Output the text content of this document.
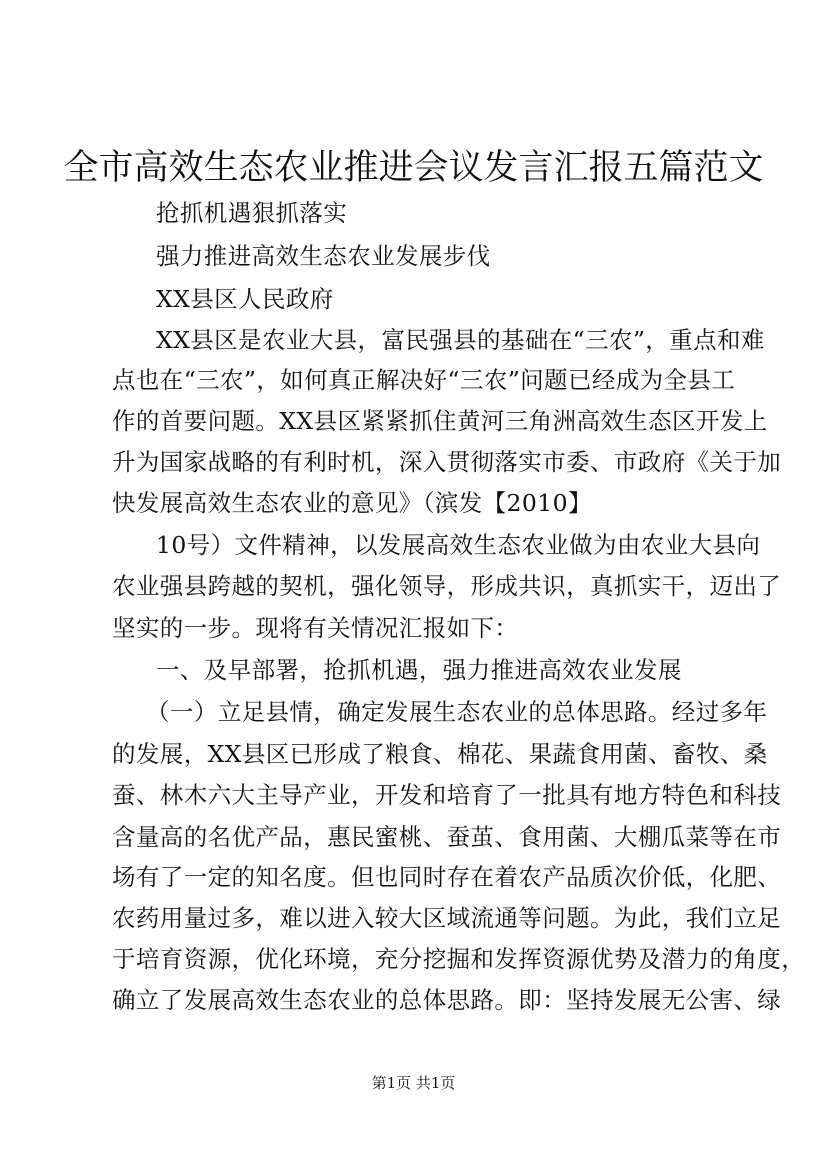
全市高效生态农业推进会议发言汇报五篇范文
抢抓机遇狠抓落实
强力推进高效生态农业发展步伐
XX县区人民政府
XX县区是农业大县，富民强县的基础在“三农”，重点和难
点也在“三农”，如何真正解决好“三农”问题已经成为全县工
作的首要问题。XX县区紧紧抓住黄河三角洲高效生态区开发上
升为国家战略的有利时机，深入贯彻落实市委、市政府《关于加
快发展高效生态农业的意见》（滨发【2010】
10号）文件精神，以发展高效生态农业做为由农业大县向
农业强县跨越的契机，强化领导，形成共识，真抓实干，迈出了
坚实的一步。现将有关情况汇报如下：
一、及早部署，抢抓机遇，强力推进高效农业发展
（一）立足县情，确定发展生态农业的总体思路。经过多年
的发展，XX县区已形成了粮食、棉花、果蔬食用菌、畜牧、桑
蚕、林木六大主导产业，开发和培育了一批具有地方特色和科技
含量高的名优产品，惠民蜜桃、蚕茧、食用菌、大棚瓜菜等在市
场有了一定的知名度。但也同时存在着农产品质次价低，化肥、
农药用量过多，难以进入较大区域流通等问题。为此，我们立足
于培育资源，优化环境，充分挖掘和发挥资源优势及潜力的角度，
确立了发展高效生态农业的总体思路。即：坚持发展无公害、绿
第1页 共1页
